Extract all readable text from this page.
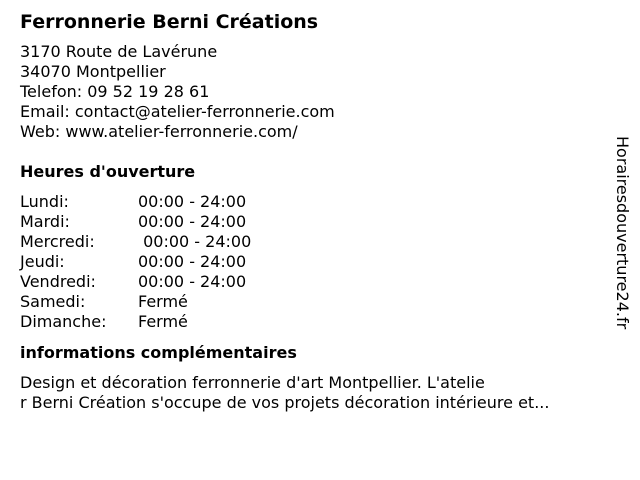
Ferronnerie Berni Créations
3170 Route de Lavérune
34070 Montpellier
Telefon: 09 52 19 28 61
Email: contact@atelier-ferronnerie.com
Web: www.atelier-ferronnerie.com/
Heures d'ouverture
Lundi:	00:00 - 24:00
Mardi:	00:00 - 24:00
Mercredi:	00:00 - 24:00
Jeudi:	00:00 - 24:00
Vendredi:	00:00 - 24:00
Samedi:	Fermé
Dimanche:	Fermé
informations complémentaires
Design et décoration ferronnerie d'art Montpellier. L'atelie
r Berni Création s'occupe de vos projets décoration intérieure et...
Horairesdouverture24.fr
